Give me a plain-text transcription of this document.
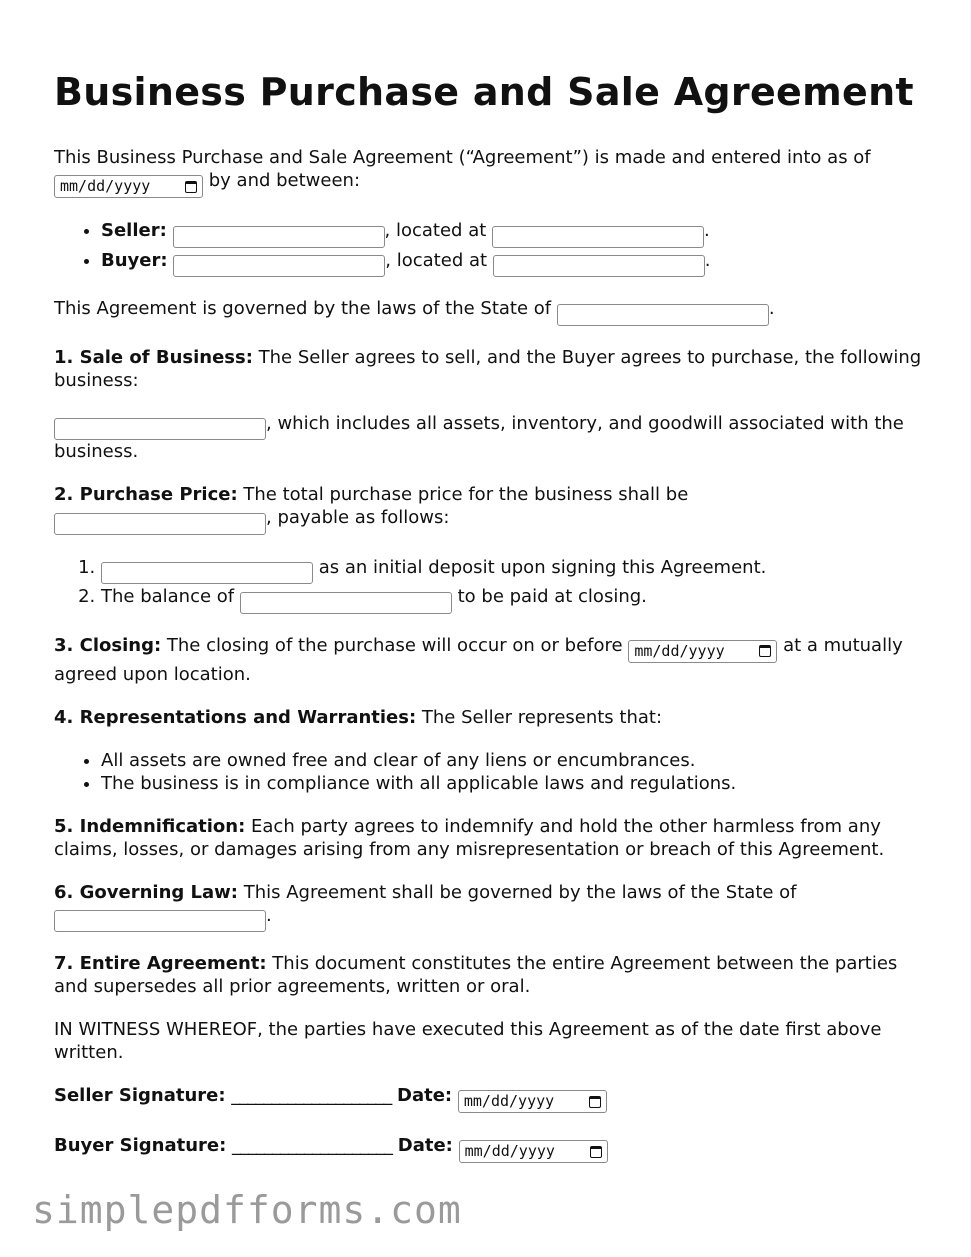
Business Purchase and Sale Agreement

This Business Purchase and Sale Agreement (“Agreement”) is made and entered into as of

mm/dd/yyyy	by and between:

• Seller:	, located at	.
• Buyer:	, located at	.

This Agreement is governed by the laws of the State of	.

1. Sale of Business: The Seller agrees to sell, and the Buyer agrees to purchase, the following business:

, which includes all assets, inventory, and goodwill associated with the business.

2. Purchase Price: The total purchase price for the business shall be
, payable as follows:

1. as an initial deposit upon signing this Agreement.
2. The balance of	to be paid at closing.

3. Closing: The closing of the purchase will occur on or before mm/dd/yyyy	at a mutually agreed upon location.

4. Representations and Warranties: The Seller represents that:

• All assets are owned free and clear of any liens or encumbrances.
• The business is in compliance with all applicable laws and regulations.

5. Indemnification: Each party agrees to indemnify and hold the other harmless from any claims, losses, or damages arising from any misrepresentation or breach of this Agreement.

6. Governing Law: This Agreement shall be governed by the laws of the State of
.

7. Entire Agreement: This document constitutes the entire Agreement between the parties and supersedes all prior agreements, written or oral.

IN WITNESS WHEREOF, the parties have executed this Agreement as of the date first above written.

Seller Signature: ____________________ Date: mm/dd/yyyy

Buyer Signature: ____________________ Date: mm/dd/yyyy

simplepdfforms.com
